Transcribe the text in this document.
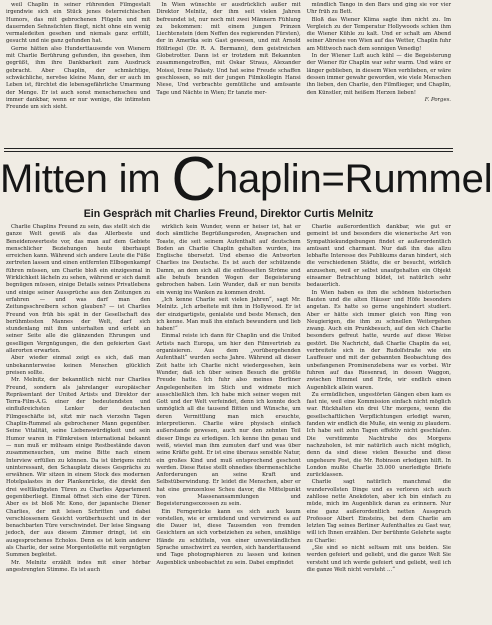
weil Chaplin in seiner rührenden Filmgestalt irgendwie sich ein Stück jenes österreichischen Humors, das mit gebrochenen Flügeln und mit dauernden Sehnsüchten fliegt, nicht ohne ein wenig vermaledeiten gesehen und niemals ganz erfüllt, gesucht und nie ganz gefunden hat.

Gerne hätten also Hunderttausende von Wienern mit Charlie Berührung gefunden, ihn gesehen, ihm gegrüßt, ihm ihre Dankbarkeit zum Ausdruck gebracht. Aber Chaplin, der schmächtige, schwächliche, nervöse kleine Mann, der er auch im Leben ist, fürchtet die lebensgefährliche Umarmung der Menge. Er ist auch sonst menschenscheu und immer dankbar, wenn er nur wenige, die intimsten Freunde um sich sieht.

In Wien wünschte er ausdrücklich außer mit Direktor Melnitz, der ihm seit vielen Jahren befreundet ist, nur noch mit zwei Männern Fühlung zu bekommen: mit einem jungen Prinzen Liechtenstein (dem Neffen des regierenden Fürsten), der in Amerika sein Gast gewesen, und mit Arnold Höllriegel (Dr. R. A. Bermann), dem geistreichen Globetrotter. Dann ist er trotzdem mit Bekannten zusammengetroffen, mit Oskar Straus, Alexander Moissi, Irene Palasty. Und hat seine Freude schaffen geschlossen, so mit der jungen Filmkollegin Hansi Niese, Und verbrachte gemütliche und amüsante Tage und Nächte in Wien; Er tanzte mer-

mündlich Tango in den Bars und ging sie vor vier Uhr früh zu Bett.

Bloß das Wiener Klima sagte ihm nicht zu. Im Vergleich zu der Temperatur Hollywoods schien ihm die Wiener Kühle zu kalt. Und er schalt am Abend seiner Abreise von Wien auf das Wetter, Chaplin fuhr am Mittwoch nach dem sonnigen Venedig!

In der Wiener Luft auch kühl — die Begeisterung der Wiener für Chaplin war sehr warm. Und wäre er länger geblieben, in diesem Wien verblieben, er wäre dessen immer gewahr geworden, wie viele Menschen ihn lieben, den Charlie, den Filmflieger, und Chaplin, den Künstler, mit heißem Herzen lieben!

F. Porges.

Mitten im Chaplin=Rummel
Ein Gespräch mit Charlies Freund, Direktor Curtis Melnitz

Charlie Chaplins Freund zu sein, das stellt sich die ganze Welt gewiß als das Allerbeste und Beneidenswerteste vor, das man auf dem Gebiete menschlicher Beziehungen heute überhaupt erreichen kann. Während sich andere Leute die Füße zertreten lassen und einen entfernten Ellbogenkampf führen müssen, um Charlie bloß ein einzigesmal in Wirklichkeit lächeln zu sehen, während er sich damit begnügen müssen, einige Details seines Privatlebens und einige seiner Aussprüche aus den Zeitungen zu erfahren — und was darf man den Zeitungsschreibern schon glauben? — ist Charlies Freund von früh bis spät in der Gesellschaft des berühmtesten Mannes der Welt, darf sich stundenlang mit ihm unterhalten und erlebt an seiner Seite alle die glänzenden Ehrungen und geselligen Vergnügungen, die den gefeierten Gast allerorten erwarten.

Aber wieder einmal zeigt es sich, daß man unbekannterweise keinen Menschen glücklich preisen sollte.

Mr. Melnitz, der bekanntlich nicht nur Charlies Freund, sondern als jahrelanger europäischer Repräsentant der United Artists und Direktor der Terra-Film-A.G. einer der bedeutendsten und einflußreichsten Lenker der deutschen Filmgeschäfte ist, sitzt mir nach vierzehn Tagen Chaplin-Rummel als gebrochener Mann gegenüber. Seine Vitalität, seine Liebenswürdigkeit und sein Humor waren in Filmkreisen international bekannt — nun muß er mühsam einige Restbestände davon zusammensuchen, um meine Bitte nach einem Interview erfüllen zu können. Da ist übrigens nicht uninteressant, den Schauplatz dieses Gesprächs zu erwähnen. Wir sitzen in einem Stock des modernen Hotelpalastes in der Plankenrücke, die direkt den drei weltläufigsten Türen zu Charlies Appartement gegenüberliegt. Einmal öffnet sich eine der Türen. Aber es ist bloß Mr. Kono, der japanische Diener Charlies, der mit leisen Schritten und dabei verschlossenem Gesicht vorüberhuscht und in der benachbarten Türe verschwindet. Der leise Singsang jedoch, der aus diesem Zimmer dringt, ist ein ausgesprochenes Echolos. Denn es ist kein anderer als Charlie, der seine Morgentoilette mit vergnügten Summen begleitet.

Mr. Melnitz erzählt indes mit einer hörbar angestrengten Stimme. Es ist auch

wirklich kein Wunder, wenn er heiser ist, hat er doch sämtliche Begrüßungsreden, Ansprachen und Toaste, die seit seinem Aufenthalt auf deutschem Boden an Charlie Chaplin gehalten wurden, ins Englische übersetzt. Und ebenso die Antworten Charlies ins Deutsche. Es ist auch der schützende Damm, an dem sich all die entfesselten Ströme und alle behufs branden Wogen der Begeisterung gebrochen haben. Lein Wunder, daß er nun bereits ein wenig ins Wanken zu kommen droht.

„Ich kenne Charlie seit vielen Jahren“, sagt Mr. Melnitz. „Ich arbeitete mit ihm in Hollywood. Er ist der einzigartigste, genialste und beste Mensch, den ich kenne. Man muß ihn einfach bewundern und lieb haben!“

Einmal reiste ich dann für Chaplin und die United Artists nach Europa, um hier den Filmvertrieb zu organisieren. Aus dem „vorübergehenden Aufenthalt“ wurden sechs Jahre. Während all dieser Zeit hatte ich Charlie nicht wiedergesehen, kein Wunder, daß ich über seinen Besuch die größte Freude hatte. Ich fuhr also meines Berliner Angelegenheiten im Stich und widmete mich ausschließlich ihm. Ich habe mich seiner wegen mit Gott und der Welt verfeindet, denn ich konnte doch unmöglich all die tausend Bitten und Wünsche, um deren Vermittlung man mich ersuchte, interpretieren. Charlie wäre physisch einfach außerstande gewesen, auch nur den zehnten Teil dieser Dinge zu erledigen. Ich kenne ihn genau und weiß, wieviel man ihm zumuten darf und was über seine Kräfte geht. Er ist eine überaus sensible Natur, ein großes Kind und muß entsprechend geschont werden. Diese Reise stellt ohnedies übermenschliche Anforderungen an seine Kraft und Selbstüberwindung. Er leidet die Menschen, aber er hat eine grenzenlose Scheu davor, die Mittelpunkt von Massenansammlungen und Begeisterungsexzessen zu sein.

Ein Ferngerücke kann es sich auch kaum vorstellen, wie er ermüdend und verwirrend es auf die Dauer ist, diese Tausenden von fremden Gesichtern an sich vorbeiziehen zu sehen, unzählige Hände zu schütteln, von einer unverständlichen Sprache umschwirrt zu werden, sich handerttausend und Tage photographieren zu lassen und keinen Augenblick unbeobachtet zu sein. Dabei empfindet

Charlie außerordentlich dankbar, wie gut er gemeint ist und besonders die wienerische Art von Sympathiekundgebungen findet er außerordentlich amüsant und charmant. Nur daß ihn das allzu lebhafte Interesse des Publikums daran hindert, sich die verschiedenen Städte, die er besucht, wirklich anzusehen, weil er selbst unaufgehalten ein Objekt einsamer Betrachtung bildet, ist natürlich sehr bedauerlich.

In Wien haben es ihm die schönen historischen Bauten und die alten Häuser und Höfe besonders angetan. Es hatte so gerne ungehindert studiert. Aber er hätte sich immer gleich von Ring von Neugierigen, die ihm zu schnellen Weitergehen zwang. Auch ein Prunkbesuch, auf den sich Charlie besonders gefreut hatte, wurde auf diese Weise gestört. Die Nachricht, daß Charlie Chaplin da sei, verbreitete sich in der Rudolfstraße wie ein Lauffeuer und mit der gebannten Beobachtung des unbefangenen Prominenzlebens war es vorbei. Wir fuhren auf das Riesenrad, in dessen Waggon, zwischen Himmel und Erde, wir endlich einen Augenblick allein waren.

Zu ermüdlichen, ungestörten Gängen eben kam es fast nie, weil eine Kommission einfach nicht möglich war. Rückhalten ein drei Uhr morgens, wenn die gesellschaftlichen Verpflichtungen erledigt waren, fanden wir endlich die Muße, ein wenig zu plaudern. Ich habe seit zehn Tagen effektiv nicht geschlafen. Die verstümmte Nachtruhe des Morgens nachzuholen, ist mir natürlich auch nicht möglich, denn da sind diese vielen Besuche und diese ungeheure Post, die Mr. Robinson erledigen hilft. In London mußte Charlie 35.000 unerledigte Briefe zurücklassen.

Charlie sagt natürlich manchmal die wundervollsten Dinge und es verloren sich auch zahllose nette Anekdoten, aber ich bin einfach zu müde, mich im Augenblick daran zu erinnern. Nur eine ganz außerordentlich netten Ausspruch Professor Albert Einsteins, bei dem Charlie am letzten Tag seines Berliner Aufenthaltes zu Gast war, will ich Ihnen erzählen. Der berühmte Gelehrte sagte zu Charlie:

„Sie sind so nicht seltsam mit uns beiden. Sie werden gefeiert und geliebt, und die ganze Welt Sie versteht und ich werde gefeiert und geliebt, weil ich die ganze Welt nicht versteht …“
